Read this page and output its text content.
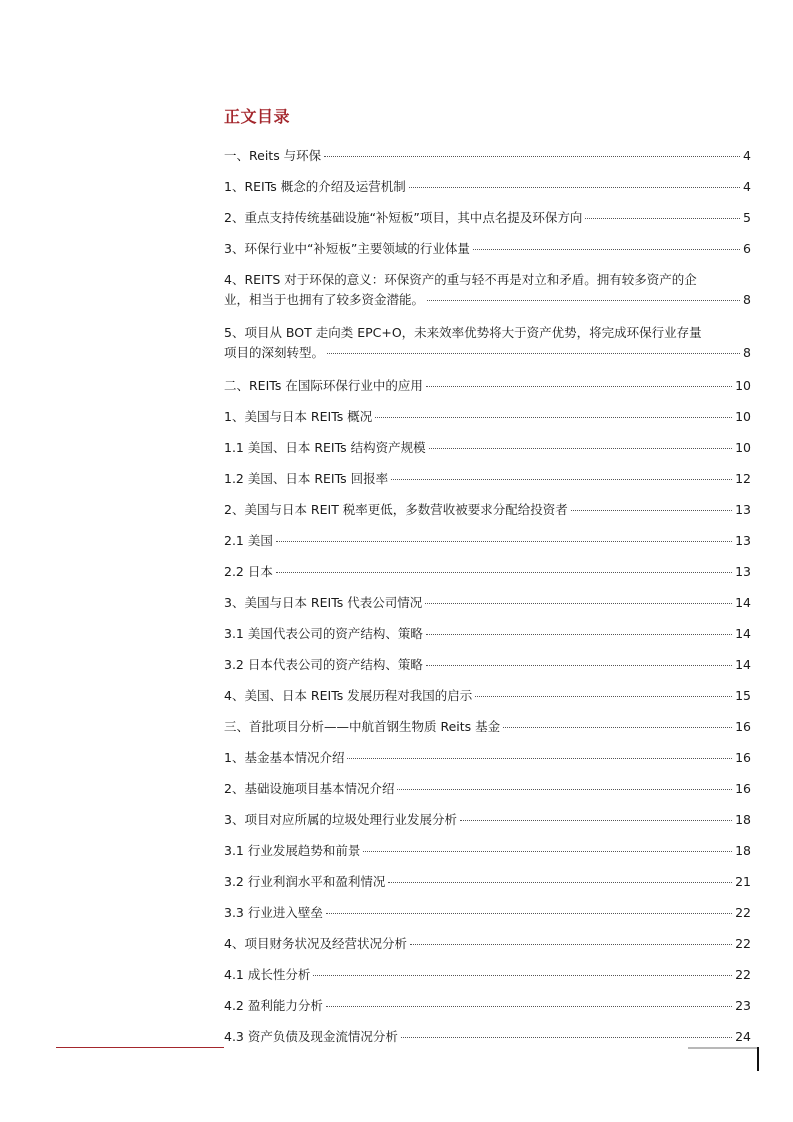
正文目录
一、Reits 与环保	4
1、REITs 概念的介绍及运营机制	4
2、重点支持传统基础设施“补短板”项目，其中点名提及环保方向	5
3、环保行业中“补短板”主要领域的行业体量	6
4、REITS 对于环保的意义：环保资产的重与轻不再是对立和矛盾。拥有较多资产的企
业，相当于也拥有了较多资金潜能。	8
5、项目从 BOT 走向类 EPC+O，未来效率优势将大于资产优势，将完成环保行业存量
项目的深刻转型。	8
二、REITs 在国际环保行业中的应用	10
1、美国与日本 REITs 概况	10
1.1 美国、日本 REITs 结构资产规模	10
1.2 美国、日本 REITs 回报率	12
2、美国与日本 REIT 税率更低，多数营收被要求分配给投资者	13
2.1 美国	13
2.2 日本	13
3、美国与日本 REITs 代表公司情况	14
3.1 美国代表公司的资产结构、策略	14
3.2 日本代表公司的资产结构、策略	14
4、美国、日本 REITs 发展历程对我国的启示	15
三、首批项目分析——中航首钢生物质 Reits 基金	16
1、基金基本情况介绍	16
2、基础设施项目基本情况介绍	16
3、项目对应所属的垃圾处理行业发展分析	18
3.1 行业发展趋势和前景	18
3.2 行业利润水平和盈利情况	21
3.3 行业进入壁垒	22
4、项目财务状况及经营状况分析	22
4.1 成长性分析	22
4.2 盈利能力分析	23
4.3 资产负债及现金流情况分析	24
